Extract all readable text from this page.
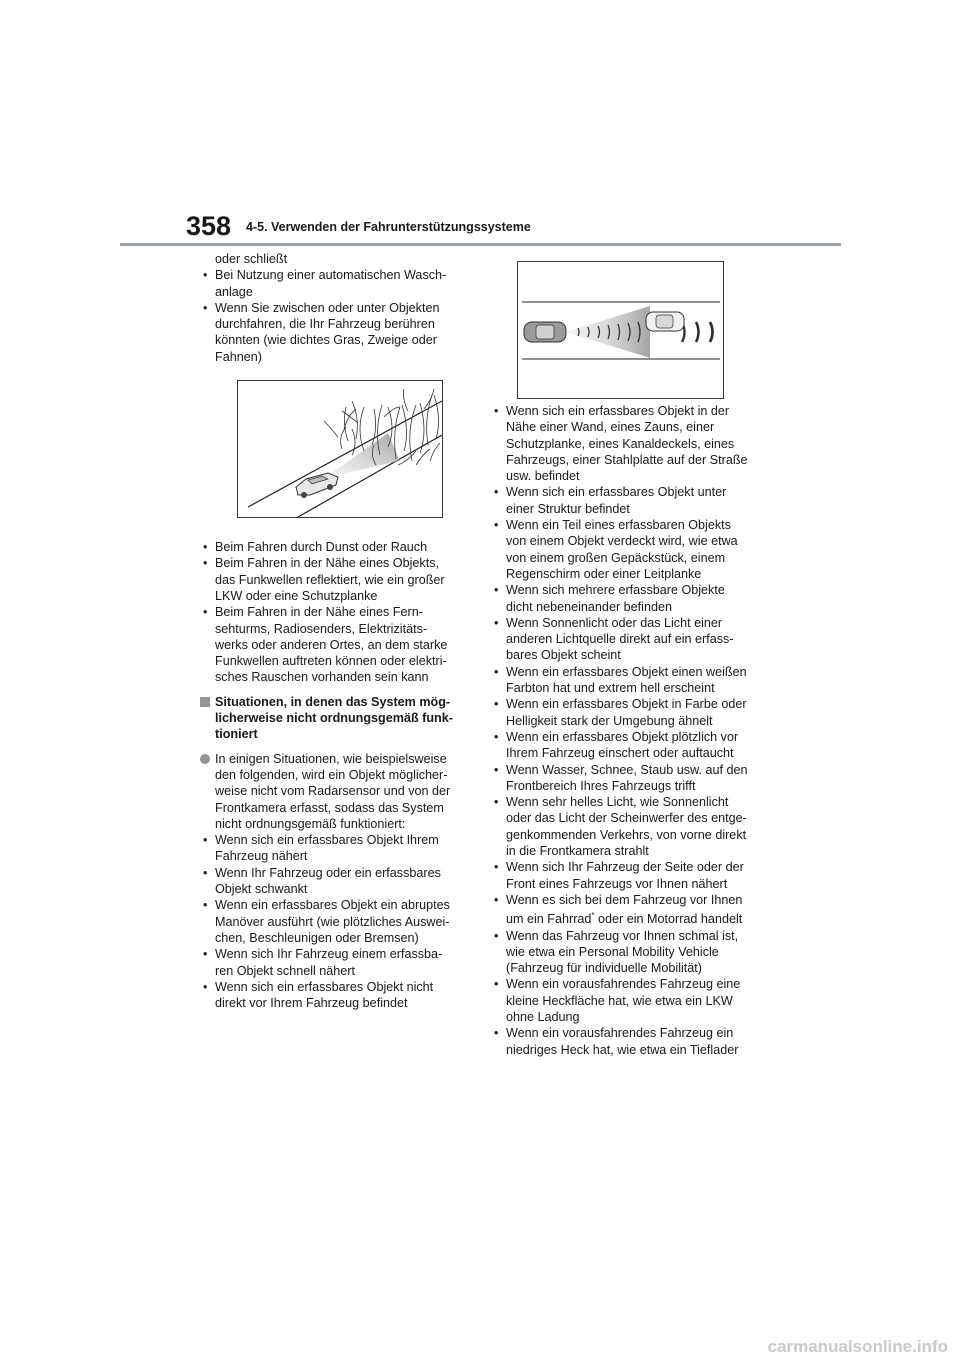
358 4-5. Verwenden der Fahrunterstützungssysteme
oder schließt
• Bei Nutzung einer automatischen Wasch-
anlage
• Wenn Sie zwischen oder unter Objekten
durchfahren, die Ihr Fahrzeug berühren
könnten (wie dichtes Gras, Zweige oder
Fahnen)
• Beim Fahren durch Dunst oder Rauch
• Beim Fahren in der Nähe eines Objekts,
das Funkwellen reflektiert, wie ein großer
LKW oder eine Schutzplanke
• Beim Fahren in der Nähe eines Fern-
sehturms, Radiosenders, Elektrizitäts-
werks oder anderen Ortes, an dem starke
Funkwellen auftreten können oder elektri-
sches Rauschen vorhanden sein kann
Situationen, in denen das System mög-
licherweise nicht ordnungsgemäß funk-
tioniert
In einigen Situationen, wie beispielsweise
den folgenden, wird ein Objekt möglicher-
weise nicht vom Radarsensor und von der
Frontkamera erfasst, sodass das System
nicht ordnungsgemäß funktioniert:
• Wenn sich ein erfassbares Objekt Ihrem
Fahrzeug nähert
• Wenn Ihr Fahrzeug oder ein erfassbares
Objekt schwankt
• Wenn ein erfassbares Objekt ein abruptes
Manöver ausführt (wie plötzliches Auswei-
chen, Beschleunigen oder Bremsen)
• Wenn sich Ihr Fahrzeug einem erfassba-
ren Objekt schnell nähert
• Wenn sich ein erfassbares Objekt nicht
direkt vor Ihrem Fahrzeug befindet
• Wenn sich ein erfassbares Objekt in der
Nähe einer Wand, eines Zauns, einer
Schutzplanke, eines Kanaldeckels, eines
Fahrzeugs, einer Stahlplatte auf der Straße
usw. befindet
• Wenn sich ein erfassbares Objekt unter
einer Struktur befindet
• Wenn ein Teil eines erfassbaren Objekts
von einem Objekt verdeckt wird, wie etwa
von einem großen Gepäckstück, einem
Regenschirm oder einer Leitplanke
• Wenn sich mehrere erfassbare Objekte
dicht nebeneinander befinden
• Wenn Sonnenlicht oder das Licht einer
anderen Lichtquelle direkt auf ein erfass-
bares Objekt scheint
• Wenn ein erfassbares Objekt einen weißen
Farbton hat und extrem hell erscheint
• Wenn ein erfassbares Objekt in Farbe oder
Helligkeit stark der Umgebung ähnelt
• Wenn ein erfassbares Objekt plötzlich vor
Ihrem Fahrzeug einschert oder auftaucht
• Wenn Wasser, Schnee, Staub usw. auf den
Frontbereich Ihres Fahrzeugs trifft
• Wenn sehr helles Licht, wie Sonnenlicht
oder das Licht der Scheinwerfer des entge-
genkommenden Verkehrs, von vorne direkt
in die Frontkamera strahlt
• Wenn sich Ihr Fahrzeug der Seite oder der
Front eines Fahrzeugs vor Ihnen nähert
• Wenn es sich bei dem Fahrzeug vor Ihnen
um ein Fahrrad* oder ein Motorrad handelt
• Wenn das Fahrzeug vor Ihnen schmal ist,
wie etwa ein Personal Mobility Vehicle
(Fahrzeug für individuelle Mobilität)
• Wenn ein vorausfahrendes Fahrzeug eine
kleine Heckfläche hat, wie etwa ein LKW
ohne Ladung
• Wenn ein vorausfahrendes Fahrzeug ein
niedriges Heck hat, wie etwa ein Tieflader
carmanualsonline.info
